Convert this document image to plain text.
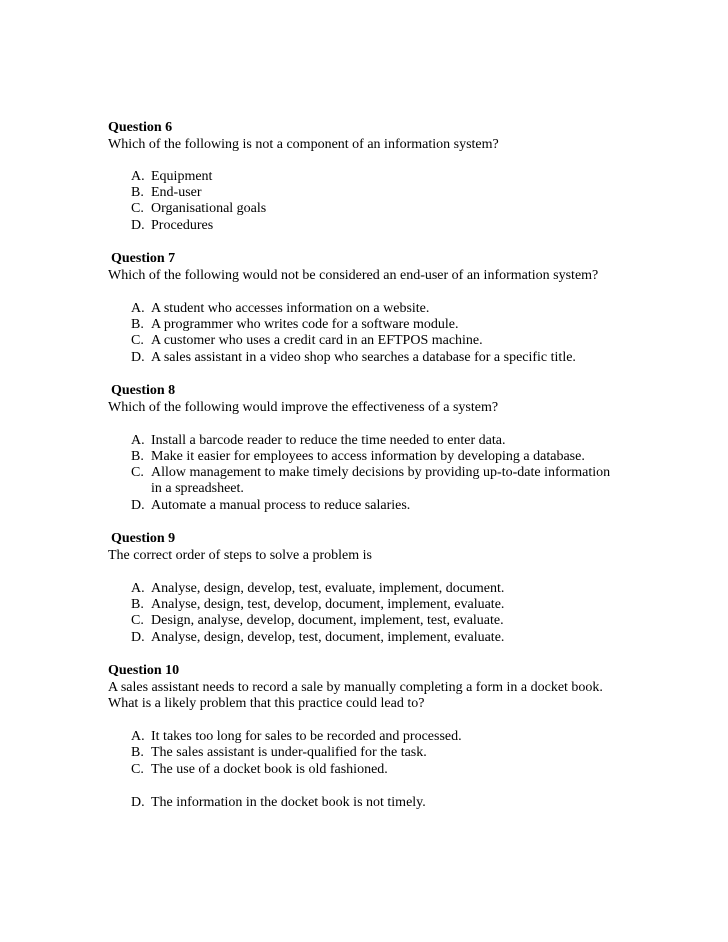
Question 6
Which of the following is not a component of an information system?
A. Equipment
B. End-user
C. Organisational goals
D. Procedures
Question 7
Which of the following would not be considered an end-user of an information system?
A. A student who accesses information on a website.
B. A programmer who writes code for a software module.
C. A customer who uses a credit card in an EFTPOS machine.
D. A sales assistant in a video shop who searches a database for a specific title.
Question 8
Which of the following would improve the effectiveness of a system?
A. Install a barcode reader to reduce the time needed to enter data.
B. Make it easier for employees to access information by developing a database.
C. Allow management to make timely decisions by providing up-to-date information
in a spreadsheet.
D. Automate a manual process to reduce salaries.
Question 9
The correct order of steps to solve a problem is
A. Analyse, design, develop, test, evaluate, implement, document.
B. Analyse, design, test, develop, document, implement, evaluate.
C. Design, analyse, develop, document, implement, test, evaluate.
D. Analyse, design, develop, test, document, implement, evaluate.
Question 10
A sales assistant needs to record a sale by manually completing a form in a docket book.
What is a likely problem that this practice could lead to?
A. It takes too long for sales to be recorded and processed.
B. The sales assistant is under-qualified for the task.
C. The use of a docket book is old fashioned.
D. The information in the docket book is not timely.
